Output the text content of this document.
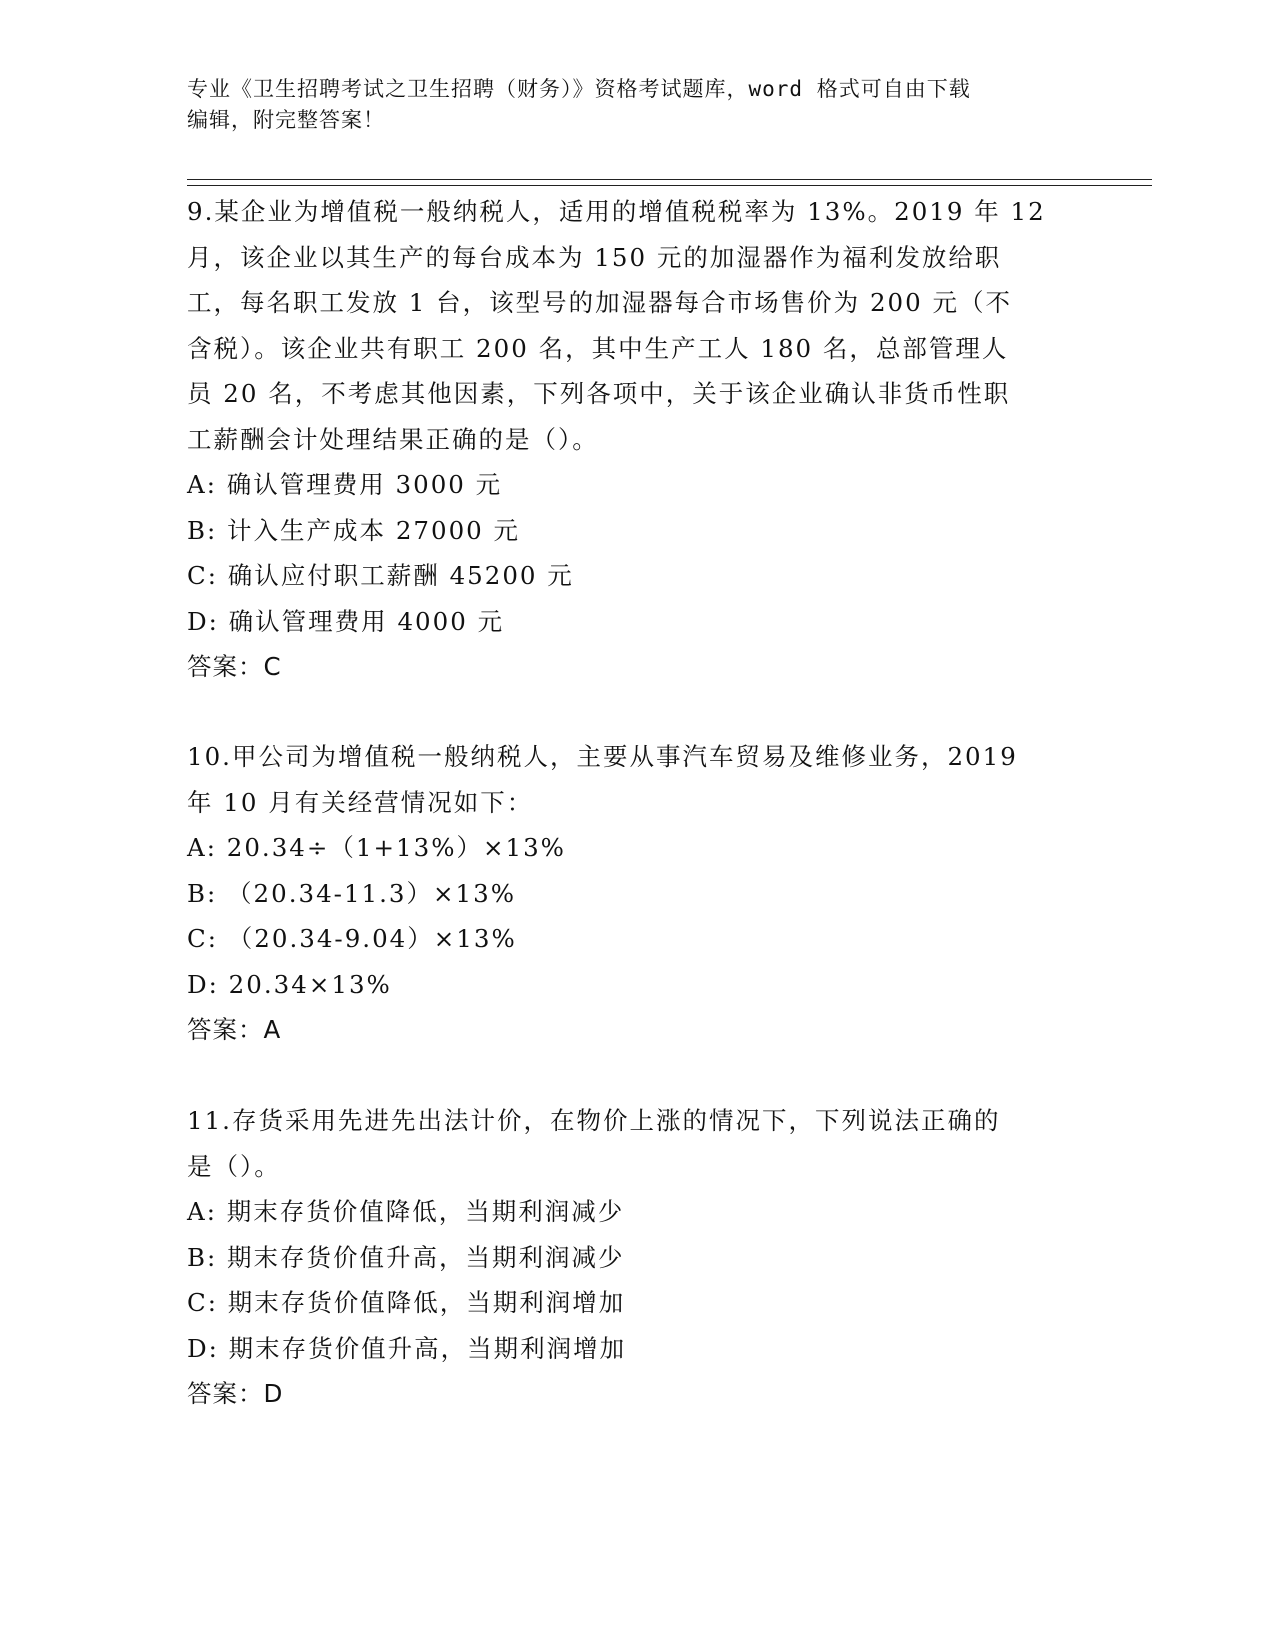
专业《卫生招聘考试之卫生招聘（财务）》资格考试题库，word 格式可自由下载
编辑，附完整答案！
9.某企业为增值税一般纳税人，适用的增值税税率为 13%。2019 年 12
月，该企业以其生产的每台成本为 150 元的加湿器作为福利发放给职
工，每名职工发放 1 台，该型号的加湿器每合市场售价为 200 元（不
含税）。该企业共有职工 200 名，其中生产工人 180 名，总部管理人
员 20 名，不考虑其他因素，下列各项中，关于该企业确认非货币性职
工薪酬会计处理结果正确的是（）。
A: 确认管理费用 3000 元
B: 计入生产成本 27000 元
C: 确认应付职工薪酬 45200 元
D: 确认管理费用 4000 元
答案：C
10.甲公司为增值税一般纳税人，主要从事汽车贸易及维修业务，2019
年 10 月有关经营情况如下：
A: 20.34÷（1+13%）×13%
B: （20.34-11.3）×13%
C: （20.34-9.04）×13%
D: 20.34×13%
答案：A
11.存货采用先进先出法计价，在物价上涨的情况下，下列说法正确的
是（）。
A: 期末存货价值降低，当期利润减少
B: 期末存货价值升高，当期利润减少
C: 期末存货价值降低，当期利润增加
D: 期末存货价值升高，当期利润增加
答案：D
